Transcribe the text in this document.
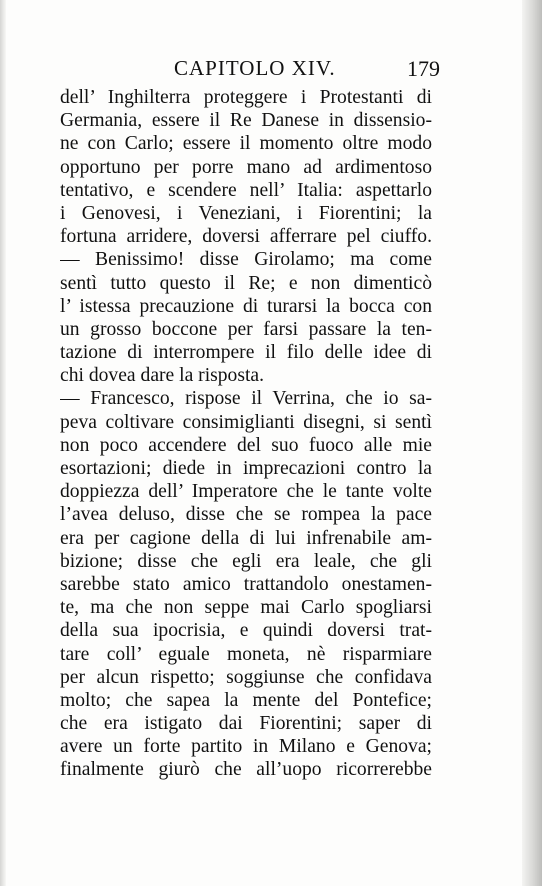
CAPITOLO XIV.	179
dell’ Inghilterra proteggere i Protestanti di
Germania, essere il Re Danese in dissensio-
ne con Carlo; essere il momento oltre modo
opportuno per porre mano ad ardimentoso
tentativo, e scendere nell’ Italia: aspettarlo
i Genovesi, i Veneziani, i Fiorentini; la
fortuna arridere, doversi afferrare pel ciuffo.
— Benissimo! disse Girolamo; ma come
sentì tutto questo il Re; e non dimenticò
l’ istessa precauzione di turarsi la bocca con
un grosso boccone per farsi passare la ten-
tazione di interrompere il filo delle idee di
chi dovea dare la risposta.
— Francesco, rispose il Verrina, che io sa-
peva coltivare consimiglianti disegni, si sentì
non poco accendere del suo fuoco alle mie
esortazioni; diede in imprecazioni contro la
doppiezza dell’ Imperatore che le tante volte
l’avea deluso, disse che se rompea la pace
era per cagione della di lui infrenabile am-
bizione; disse che egli era leale, che gli
sarebbe stato amico trattandolo onestamen-
te, ma che non seppe mai Carlo spogliarsi
della sua ipocrisia, e quindi doversi trat-
tare coll’ eguale moneta, nè risparmiare
per alcun rispetto; soggiunse che confidava
molto; che sapea la mente del Pontefice;
che era istigato dai Fiorentini; saper di
avere un forte partito in Milano e Genova;
finalmente giurò che all’uopo ricorrerebbe
